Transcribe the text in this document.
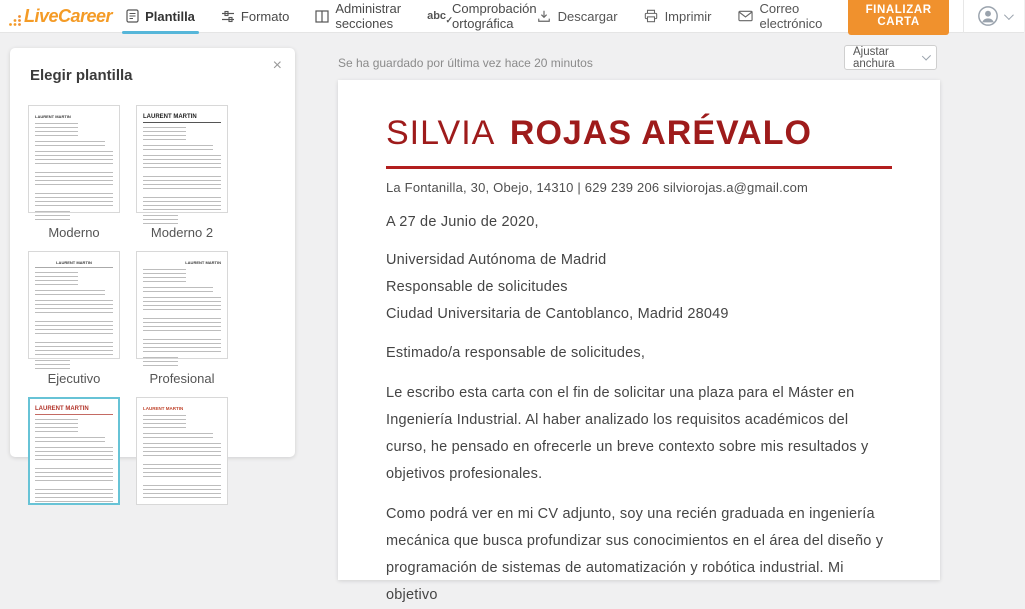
LiveCareer	Plantilla	Formato	Administrar secciones	abc ✓
Comprobación ortográfica	Descargar	Imprimir	Correo electrónico
FINALIZAR CARTA
Elegir plantilla
×
LAURENT MARTIN
Moderno
LAURENT MARTIN
Moderno 2
LAURENT MARTIN
Ejecutivo
LAURENT MARTIN
Profesional
LAURENT MARTIN	LAURENT MARTIN
Se ha guardado por última vez hace 20 minutos
Ajustar anchura
SILVIA ROJAS ARÉVALO
La Fontanilla, 30, Obejo, 14310 | 629 239 206 silviorojas.a@gmail.com
A 27 de Junio de 2020,
Universidad Autónoma de Madrid
Responsable de solicitudes
Ciudad Universitaria de Cantoblanco, Madrid 28049
Estimado/a responsable de solicitudes,
Le escribo esta carta con el fin de solicitar una plaza para el Máster en Ingeniería Industrial. Al haber analizado los requisitos académicos del curso, he pensado en ofrecerle un breve contexto sobre mis resultados y objetivos profesionales.
Como podrá ver en mi CV adjunto, soy una recién graduada en ingeniería mecánica que busca profundizar sus conocimientos en el área del diseño y programación de sistemas de automatización y robótica industrial. Mi objetivo
